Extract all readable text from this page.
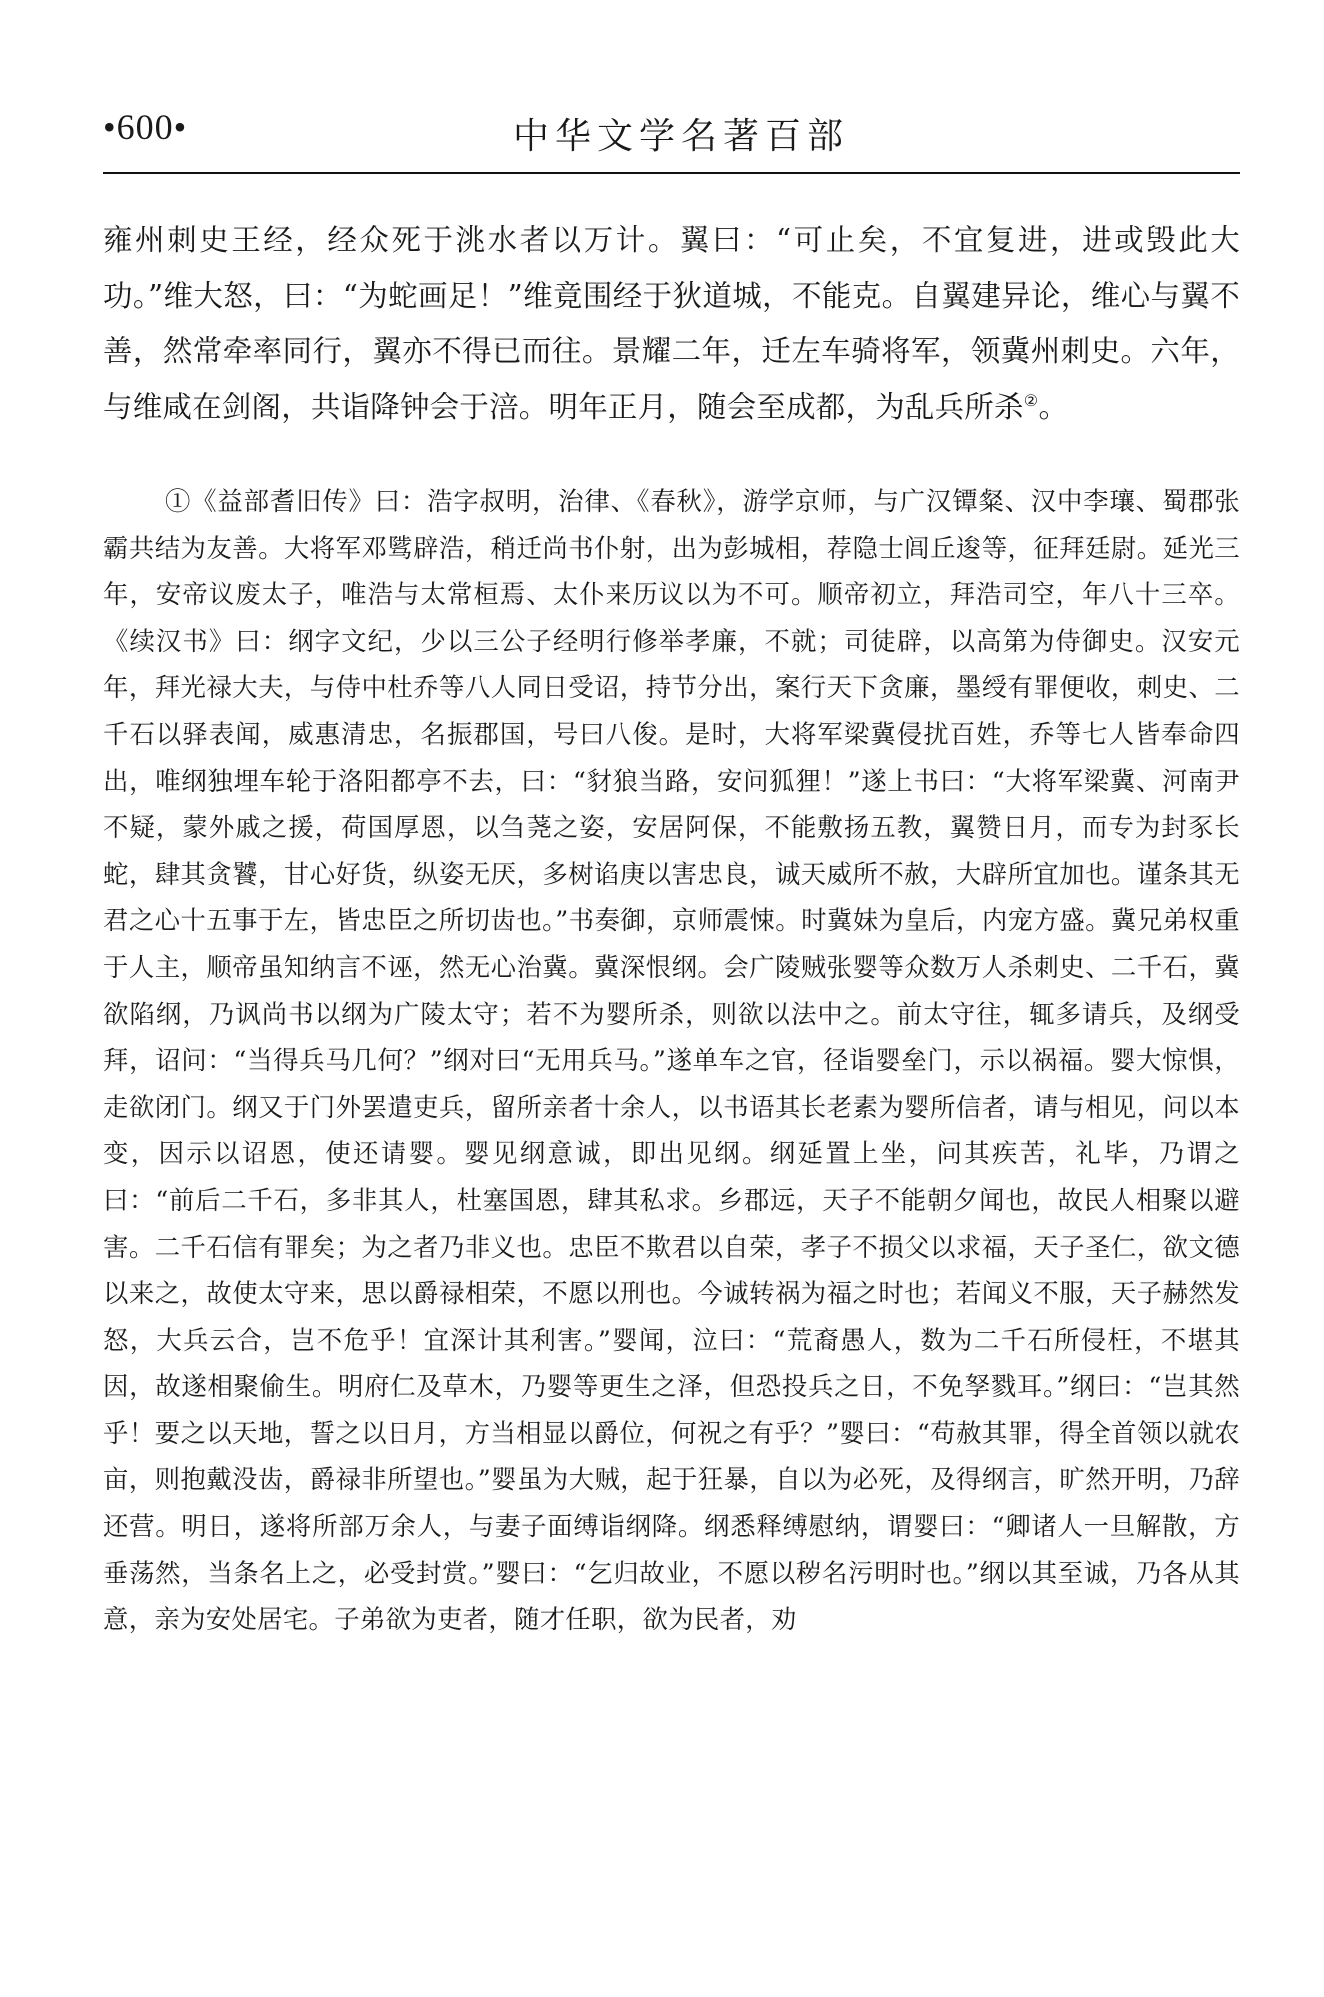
•600•	中华文学名著百部

雍州刺史王经，经众死于洮水者以万计。翼曰：“可止矣，不宜复进，进或毁此大功。”维大怒，曰：“为蛇画足！”维竟围经于狄道城，不能克。自翼建异论，维心与翼不善，然常牵率同行，翼亦不得已而往。景耀二年，迁左车骑将军，领冀州刺史。六年，与维咸在剑阁，共诣降钟会于涪。明年正月，随会至成都，为乱兵所杀②。

①《益部耆旧传》曰：浩字叔明，治律、《春秋》，游学京师，与广汉镡粲、汉中李瓖、蜀郡张霸共结为友善。大将军邓骘辟浩，稍迁尚书仆射，出为彭城相，荐隐士闾丘逡等，征拜廷尉。延光三年，安帝议废太子，唯浩与太常桓焉、太仆来历议以为不可。顺帝初立，拜浩司空，年八十三卒。《续汉书》曰：纲字文纪，少以三公子经明行修举孝廉，不就；司徒辟，以高第为侍御史。汉安元年，拜光禄大夫，与侍中杜乔等八人同日受诏，持节分出，案行天下贪廉，墨绶有罪便收，刺史、二千石以驿表闻，威惠清忠，名振郡国，号曰八俊。是时，大将军梁冀侵扰百姓，乔等七人皆奉命四出，唯纲独埋车轮于洛阳都亭不去，曰：“豺狼当路，安问狐狸！”遂上书曰：“大将军梁冀、河南尹不疑，蒙外戚之援，荷国厚恩，以刍荛之姿，安居阿保，不能敷扬五教，翼赞日月，而专为封豕长蛇，肆其贪饕，甘心好货，纵姿无厌，多树谄庚以害忠良，诚天威所不赦，大辟所宜加也。谨条其无君之心十五事于左，皆忠臣之所切齿也。”书奏御，京师震悚。时冀妹为皇后，内宠方盛。冀兄弟权重于人主，顺帝虽知纳言不诬，然无心治冀。冀深恨纲。会广陵贼张婴等众数万人杀刺史、二千石，冀欲陷纲，乃讽尚书以纲为广陵太守；若不为婴所杀，则欲以法中之。前太守往，辄多请兵，及纲受拜，诏问：“当得兵马几何？”纲对曰“无用兵马。”遂单车之官，径诣婴垒门，示以祸福。婴大惊惧，走欲闭门。纲又于门外罢遣吏兵，留所亲者十余人，以书语其长老素为婴所信者，请与相见，问以本变，因示以诏恩，使还请婴。婴见纲意诚，即出见纲。纲延置上坐，问其疾苦，礼毕，乃谓之曰：“前后二千石，多非其人，杜塞国恩，肆其私求。乡郡远，天子不能朝夕闻也，故民人相聚以避害。二千石信有罪矣；为之者乃非义也。忠臣不欺君以自荣，孝子不损父以求福，天子圣仁，欲文德以来之，故使太守来，思以爵禄相荣，不愿以刑也。今诚转祸为福之时也；若闻义不服，天子赫然发怒，大兵云合，岂不危乎！宜深计其利害。”婴闻，泣曰：“荒裔愚人，数为二千石所侵枉，不堪其因，故遂相聚偷生。明府仁及草木，乃婴等更生之泽，但恐投兵之日，不免孥戮耳。”纲曰：“岂其然乎！要之以天地，誓之以日月，方当相显以爵位，何祝之有乎？”婴曰：“苟赦其罪，得全首领以就农亩，则抱戴没齿，爵禄非所望也。”婴虽为大贼，起于狂暴，自以为必死，及得纲言，旷然开明，乃辞还营。明日，遂将所部万余人，与妻子面缚诣纲降。纲悉释缚慰纳，谓婴曰：“卿诸人一旦解散，方垂荡然，当条名上之，必受封赏。”婴曰：“乞归故业，不愿以秽名污明时也。”纲以其至诚，乃各从其意，亲为安处居宅。子弟欲为吏者，随才任职，欲为民者，劝
